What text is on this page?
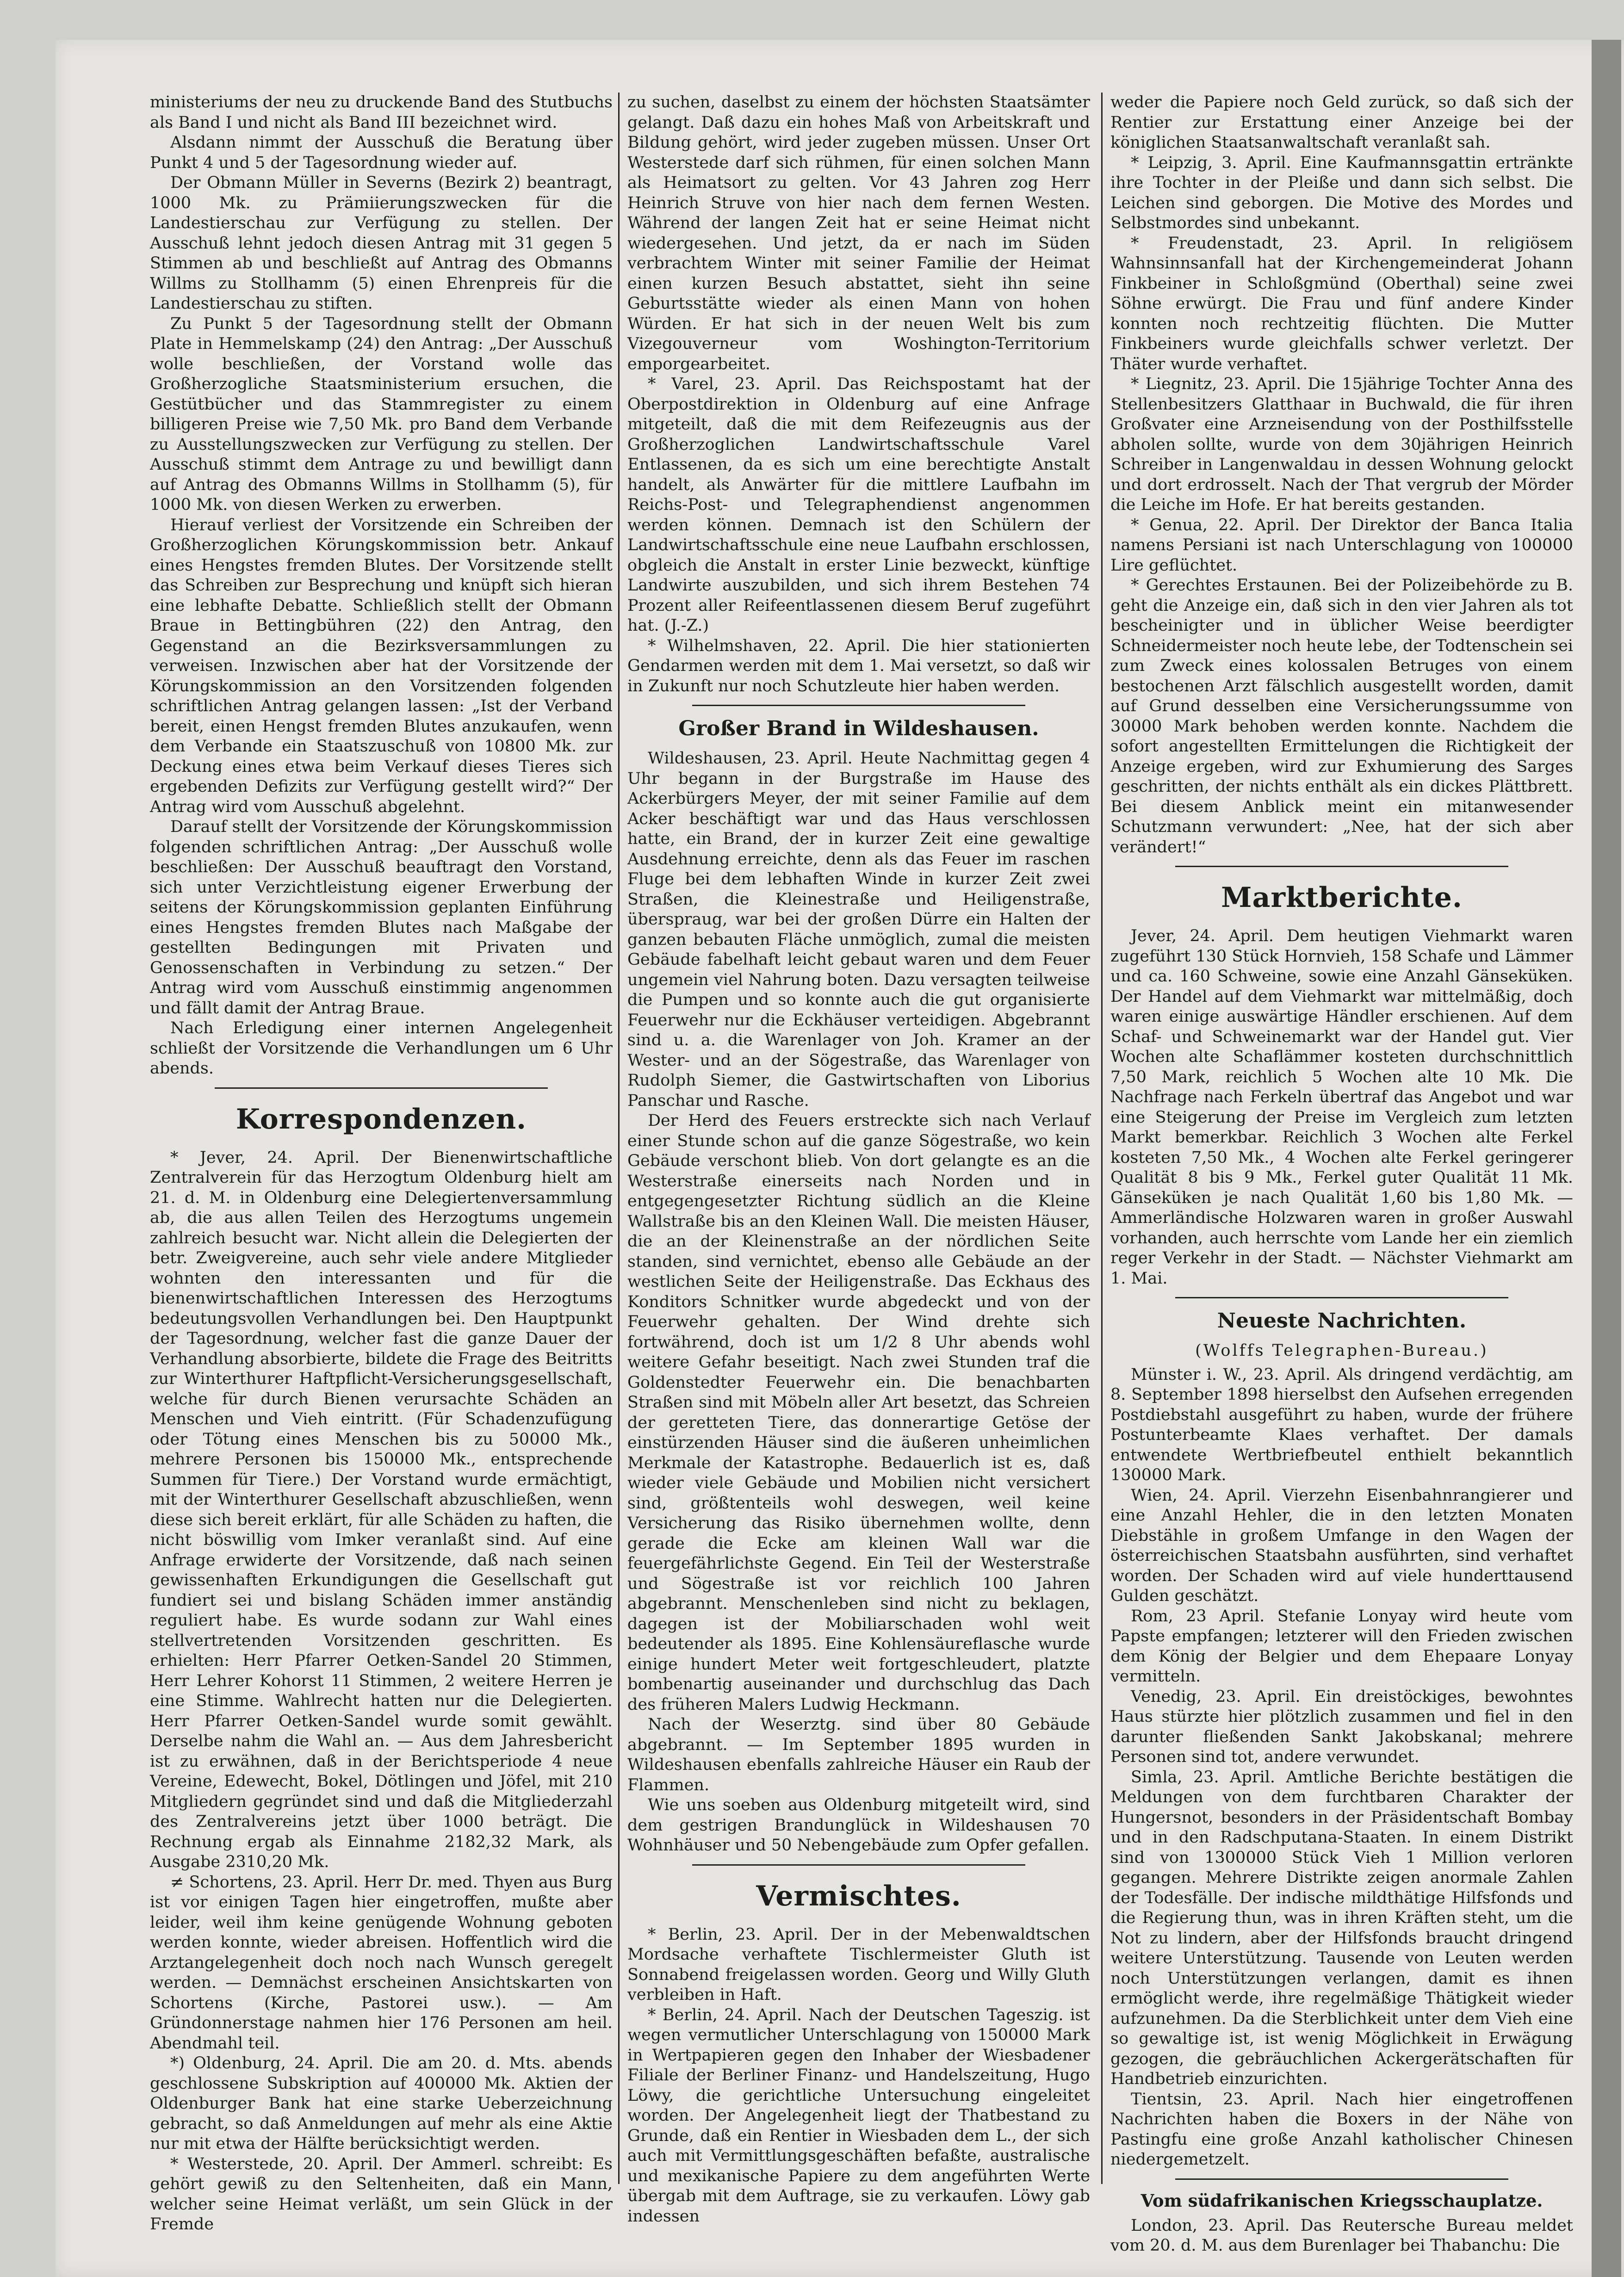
ministeriums der neu zu druckende Band des Stutbuchs als Band I und nicht als Band III bezeichnet wird.

Alsdann nimmt der Ausschuß die Beratung über Punkt 4 und 5 der Tagesordnung wieder auf.

Der Obmann Müller in Severns (Bezirk 2) beantragt, 1000 Mk. zu Prämiierungszwecken für die Landestierschau zur Verfügung zu stellen. Der Ausschuß lehnt jedoch diesen Antrag mit 31 gegen 5 Stimmen ab und beschließt auf Antrag des Obmanns Willms zu Stollhamm (5) einen Ehrenpreis für die Landestierschau zu stiften.

Zu Punkt 5 der Tagesordnung stellt der Obmann Plate in Hemmelskamp (24) den Antrag: „Der Ausschuß wolle beschließen, der Vorstand wolle das Großherzogliche Staatsministerium ersuchen, die Gestütbücher und das Stammregister zu einem billigeren Preise wie 7,50 Mk. pro Band dem Verbande zu Ausstellungszwecken zur Verfügung zu stellen. Der Ausschuß stimmt dem Antrage zu und bewilligt dann auf Antrag des Obmanns Willms in Stollhamm (5), für 1000 Mk. von diesen Werken zu erwerben.

Hierauf verliest der Vorsitzende ein Schreiben der Großherzoglichen Körungskommission betr. Ankauf eines Hengstes fremden Blutes. Der Vorsitzende stellt das Schreiben zur Besprechung und knüpft sich hieran eine lebhafte Debatte. Schließlich stellt der Obmann Braue in Bettingbühren (22) den Antrag, den Gegenstand an die Bezirksversammlungen zu verweisen. Inzwischen aber hat der Vorsitzende der Körungskommission an den Vorsitzenden folgenden schriftlichen Antrag gelangen lassen: „Ist der Verband bereit, einen Hengst fremden Blutes anzukaufen, wenn dem Verbande ein Staatszuschuß von 10800 Mk. zur Deckung eines etwa beim Verkauf dieses Tieres sich ergebenden Defizits zur Verfügung gestellt wird?“ Der Antrag wird vom Ausschuß abgelehnt.

Darauf stellt der Vorsitzende der Körungskommission folgenden schriftlichen Antrag: „Der Ausschuß wolle beschließen: Der Ausschuß beauftragt den Vorstand, sich unter Verzichtleistung eigener Erwerbung der seitens der Körungskommission geplanten Einführung eines Hengstes fremden Blutes nach Maßgabe der gestellten Bedingungen mit Privaten und Genossenschaften in Verbindung zu setzen.“ Der Antrag wird vom Ausschuß einstimmig angenommen und fällt damit der Antrag Braue.

Nach Erledigung einer internen Angelegenheit schließt der Vorsitzende die Verhandlungen um 6 Uhr abends.

Korrespondenzen.

* Jever, 24. April. Der Bienenwirtschaftliche Zentralverein für das Herzogtum Oldenburg hielt am 21. d. M. in Oldenburg eine Delegiertenversammlung ab, die aus allen Teilen des Herzogtums ungemein zahlreich besucht war. Nicht allein die Delegierten der betr. Zweigvereine, auch sehr viele andere Mitglieder wohnten den interessanten und für die bienenwirtschaftlichen Interessen des Herzogtums bedeutungsvollen Verhandlungen bei. Den Hauptpunkt der Tagesordnung, welcher fast die ganze Dauer der Verhandlung absorbierte, bildete die Frage des Beitritts zur Winterthurer Haftpflicht-Versicherungsgesellschaft, welche für durch Bienen verursachte Schäden an Menschen und Vieh eintritt. (Für Schadenzufügung oder Tötung eines Menschen bis zu 50000 Mk., mehrere Personen bis 150000 Mk., entsprechende Summen für Tiere.) Der Vorstand wurde ermächtigt, mit der Winterthurer Gesellschaft abzuschließen, wenn diese sich bereit erklärt, für alle Schäden zu haften, die nicht böswillig vom Imker veranlaßt sind. Auf eine Anfrage erwiderte der Vorsitzende, daß nach seinen gewissenhaften Erkundigungen die Gesellschaft gut fundiert sei und bislang Schäden immer anständig reguliert habe. Es wurde sodann zur Wahl eines stellvertretenden Vorsitzenden geschritten. Es erhielten: Herr Pfarrer Oetken-Sandel 20 Stimmen, Herr Lehrer Kohorst 11 Stimmen, 2 weitere Herren je eine Stimme. Wahlrecht hatten nur die Delegierten. Herr Pfarrer Oetken-Sandel wurde somit gewählt. Derselbe nahm die Wahl an. — Aus dem Jahresbericht ist zu erwähnen, daß in der Berichtsperiode 4 neue Vereine, Edewecht, Bokel, Dötlingen und Jöfel, mit 210 Mitgliedern gegründet sind und daß die Mitgliederzahl des Zentralvereins jetzt über 1000 beträgt. Die Rechnung ergab als Einnahme 2182,32 Mark, als Ausgabe 2310,20 Mk.

≠ Schortens, 23. April. Herr Dr. med. Thyen aus Burg ist vor einigen Tagen hier eingetroffen, mußte aber leider, weil ihm keine genügende Wohnung geboten werden konnte, wieder abreisen. Hoffentlich wird die Arztangelegenheit doch noch nach Wunsch geregelt werden. — Demnächst erscheinen Ansichtskarten von Schortens (Kirche, Pastorei usw.). — Am Gründonnerstage nahmen hier 176 Personen am heil. Abendmahl teil.

*) Oldenburg, 24. April. Die am 20. d. Mts. abends geschlossene Subskription auf 400000 Mk. Aktien der Oldenburger Bank hat eine starke Ueberzeichnung gebracht, so daß Anmeldungen auf mehr als eine Aktie nur mit etwa der Hälfte berücksichtigt werden.

* Westerstede, 20. April. Der Ammerl. schreibt: Es gehört gewiß zu den Seltenheiten, daß ein Mann, welcher seine Heimat verläßt, um sein Glück in der Fremde

zu suchen, daselbst zu einem der höchsten Staatsämter gelangt. Daß dazu ein hohes Maß von Arbeitskraft und Bildung gehört, wird jeder zugeben müssen. Unser Ort Westerstede darf sich rühmen, für einen solchen Mann als Heimatsort zu gelten. Vor 43 Jahren zog Herr Heinrich Struve von hier nach dem fernen Westen. Während der langen Zeit hat er seine Heimat nicht wiedergesehen. Und jetzt, da er nach im Süden verbrachtem Winter mit seiner Familie der Heimat einen kurzen Besuch abstattet, sieht ihn seine Geburtsstätte wieder als einen Mann von hohen Würden. Er hat sich in der neuen Welt bis zum Vizegouverneur vom Woshington-Territorium emporgearbeitet.

* Varel, 23. April. Das Reichspostamt hat der Oberpostdirektion in Oldenburg auf eine Anfrage mitgeteilt, daß die mit dem Reifezeugnis aus der Großherzoglichen Landwirtschaftsschule Varel Entlassenen, da es sich um eine berechtigte Anstalt handelt, als Anwärter für die mittlere Laufbahn im Reichs-Post- und Telegraphendienst angenommen werden können. Demnach ist den Schülern der Landwirtschaftsschule eine neue Laufbahn erschlossen, obgleich die Anstalt in erster Linie bezweckt, künftige Landwirte auszubilden, und sich ihrem Bestehen 74 Prozent aller Reifeentlassenen diesem Beruf zugeführt hat. (J.-Z.)

* Wilhelmshaven, 22. April. Die hier stationierten Gendarmen werden mit dem 1. Mai versetzt, so daß wir in Zukunft nur noch Schutzleute hier haben werden.

Großer Brand in Wildeshausen.

Wildeshausen, 23. April. Heute Nachmittag gegen 4 Uhr begann in der Burgstraße im Hause des Ackerbürgers Meyer, der mit seiner Familie auf dem Acker beschäftigt war und das Haus verschlossen hatte, ein Brand, der in kurzer Zeit eine gewaltige Ausdehnung erreichte, denn als das Feuer im raschen Fluge bei dem lebhaften Winde in kurzer Zeit zwei Straßen, die Kleinestraße und Heiligenstraße, überspraug, war bei der großen Dürre ein Halten der ganzen bebauten Fläche unmöglich, zumal die meisten Gebäude fabelhaft leicht gebaut waren und dem Feuer ungemein viel Nahrung boten. Dazu versagten teilweise die Pumpen und so konnte auch die gut organisierte Feuerwehr nur die Eckhäuser verteidigen. Abgebrannt sind u. a. die Warenlager von Joh. Kramer an der Wester- und an der Sögestraße, das Warenlager von Rudolph Siemer, die Gastwirtschaften von Liborius Panschar und Rasche.

Der Herd des Feuers erstreckte sich nach Verlauf einer Stunde schon auf die ganze Sögestraße, wo kein Gebäude verschont blieb. Von dort gelangte es an die Westerstraße einerseits nach Norden und in entgegengesetzter Richtung südlich an die Kleine Wallstraße bis an den Kleinen Wall. Die meisten Häuser, die an der Kleinenstraße an der nördlichen Seite standen, sind vernichtet, ebenso alle Gebäude an der westlichen Seite der Heiligenstraße. Das Eckhaus des Konditors Schnitker wurde abgedeckt und von der Feuerwehr gehalten. Der Wind drehte sich fortwährend, doch ist um 1/2 8 Uhr abends wohl weitere Gefahr beseitigt. Nach zwei Stunden traf die Goldenstedter Feuerwehr ein. Die benachbarten Straßen sind mit Möbeln aller Art besetzt, das Schreien der geretteten Tiere, das donnerartige Getöse der einstürzenden Häuser sind die äußeren unheimlichen Merkmale der Katastrophe. Bedauerlich ist es, daß wieder viele Gebäude und Mobilien nicht versichert sind, größtenteils wohl deswegen, weil keine Versicherung das Risiko übernehmen wollte, denn gerade die Ecke am kleinen Wall war die feuergefährlichste Gegend. Ein Teil der Westerstraße und Sögestraße ist vor reichlich 100 Jahren abgebrannt. Menschenleben sind nicht zu beklagen, dagegen ist der Mobiliarschaden wohl weit bedeutender als 1895. Eine Kohlensäureflasche wurde einige hundert Meter weit fortgeschleudert, platzte bombenartig auseinander und durchschlug das Dach des früheren Malers Ludwig Heckmann.

Nach der Weserztg. sind über 80 Gebäude abgebrannt. — Im September 1895 wurden in Wildeshausen ebenfalls zahlreiche Häuser ein Raub der Flammen.

Wie uns soeben aus Oldenburg mitgeteilt wird, sind dem gestrigen Brandunglück in Wildeshausen 70 Wohnhäuser und 50 Nebengebäude zum Opfer gefallen.

Vermischtes.

* Berlin, 23. April. Der in der Mebenwaldtschen Mordsache verhaftete Tischlermeister Gluth ist Sonnabend freigelassen worden. Georg und Willy Gluth verbleiben in Haft.

* Berlin, 24. April. Nach der Deutschen Tageszig. ist wegen vermutlicher Unterschlagung von 150000 Mark in Wertpapieren gegen den Inhaber der Wiesbadener Filiale der Berliner Finanz- und Handelszeitung, Hugo Löwy, die gerichtliche Untersuchung eingeleitet worden. Der Angelegenheit liegt der Thatbestand zu Grunde, daß ein Rentier in Wiesbaden dem L., der sich auch mit Vermittlungsgeschäften befaßte, australische und mexikanische Papiere zu dem angeführten Werte übergab mit dem Auftrage, sie zu verkaufen. Löwy gab indessen

weder die Papiere noch Geld zurück, so daß sich der Rentier zur Erstattung einer Anzeige bei der königlichen Staatsanwaltschaft veranlaßt sah.

* Leipzig, 3. April. Eine Kaufmannsgattin ertränkte ihre Tochter in der Pleiße und dann sich selbst. Die Leichen sind geborgen. Die Motive des Mordes und Selbstmordes sind unbekannt.

* Freudenstadt, 23. April. In religiösem Wahnsinnsanfall hat der Kirchengemeinderat Johann Finkbeiner in Schloßgmünd (Oberthal) seine zwei Söhne erwürgt. Die Frau und fünf andere Kinder konnten noch rechtzeitig flüchten. Die Mutter Finkbeiners wurde gleichfalls schwer verletzt. Der Thäter wurde verhaftet.

* Liegnitz, 23. April. Die 15jährige Tochter Anna des Stellenbesitzers Glatthaar in Buchwald, die für ihren Großvater eine Arzneisendung von der Posthilfsstelle abholen sollte, wurde von dem 30jährigen Heinrich Schreiber in Langenwaldau in dessen Wohnung gelockt und dort erdrosselt. Nach der That vergrub der Mörder die Leiche im Hofe. Er hat bereits gestanden.

* Genua, 22. April. Der Direktor der Banca Italia namens Persiani ist nach Unterschlagung von 100000 Lire geflüchtet.

* Gerechtes Erstaunen. Bei der Polizeibehörde zu B. geht die Anzeige ein, daß sich in den vier Jahren als tot bescheinigter und in üblicher Weise beerdigter Schneidermeister noch heute lebe, der Todtenschein sei zum Zweck eines kolossalen Betruges von einem bestochenen Arzt fälschlich ausgestellt worden, damit auf Grund desselben eine Versicherungssumme von 30000 Mark behoben werden konnte. Nachdem die sofort angestellten Ermittelungen die Richtigkeit der Anzeige ergeben, wird zur Exhumierung des Sarges geschritten, der nichts enthält als ein dickes Plättbrett. Bei diesem Anblick meint ein mitanwesender Schutzmann verwundert: „Nee, hat der sich aber verändert!“

Marktberichte.

Jever, 24. April. Dem heutigen Viehmarkt waren zugeführt 130 Stück Hornvieh, 158 Schafe und Lämmer und ca. 160 Schweine, sowie eine Anzahl Gänseküken. Der Handel auf dem Viehmarkt war mittelmäßig, doch waren einige auswärtige Händler erschienen. Auf dem Schaf- und Schweinemarkt war der Handel gut. Vier Wochen alte Schaflämmer kosteten durchschnittlich 7,50 Mark, reichlich 5 Wochen alte 10 Mk. Die Nachfrage nach Ferkeln übertraf das Angebot und war eine Steigerung der Preise im Vergleich zum letzten Markt bemerkbar. Reichlich 3 Wochen alte Ferkel kosteten 7,50 Mk., 4 Wochen alte Ferkel geringerer Qualität 8 bis 9 Mk., Ferkel guter Qualität 11 Mk. Gänseküken je nach Qualität 1,60 bis 1,80 Mk. — Ammerländische Holzwaren waren in großer Auswahl vorhanden, auch herrschte vom Lande her ein ziemlich reger Verkehr in der Stadt. — Nächster Viehmarkt am 1. Mai.

Neueste Nachrichten.

(Wolffs Telegraphen-Bureau.)

Münster i. W., 23. April. Als dringend verdächtig, am 8. September 1898 hierselbst den Aufsehen erregenden Postdiebstahl ausgeführt zu haben, wurde der frühere Postunterbeamte Klaes verhaftet. Der damals entwendete Wertbriefbeutel enthielt bekanntlich 130000 Mark.

Wien, 24. April. Vierzehn Eisenbahnrangierer und eine Anzahl Hehler, die in den letzten Monaten Diebstähle in großem Umfange in den Wagen der österreichischen Staatsbahn ausführten, sind verhaftet worden. Der Schaden wird auf viele hunderttausend Gulden geschätzt.

Rom, 23 April. Stefanie Lonyay wird heute vom Papste empfangen; letzterer will den Frieden zwischen dem König der Belgier und dem Ehepaare Lonyay vermitteln.

Venedig, 23. April. Ein dreistöckiges, bewohntes Haus stürzte hier plötzlich zusammen und fiel in den darunter fließenden Sankt Jakobskanal; mehrere Personen sind tot, andere verwundet.

Simla, 23. April. Amtliche Berichte bestätigen die Meldungen von dem furchtbaren Charakter der Hungersnot, besonders in der Präsidentschaft Bombay und in den Radschputana-Staaten. In einem Distrikt sind von 1300000 Stück Vieh 1 Million verloren gegangen. Mehrere Distrikte zeigen anormale Zahlen der Todesfälle. Der indische mildthätige Hilfsfonds und die Regierung thun, was in ihren Kräften steht, um die Not zu lindern, aber der Hilfsfonds braucht dringend weitere Unterstützung. Tausende von Leuten werden noch Unterstützungen verlangen, damit es ihnen ermöglicht werde, ihre regelmäßige Thätigkeit wieder aufzunehmen. Da die Sterblichkeit unter dem Vieh eine so gewaltige ist, ist wenig Möglichkeit in Erwägung gezogen, die gebräuchlichen Ackergerätschaften für Handbetrieb einzurichten.

Tientsin, 23. April. Nach hier eingetroffenen Nachrichten haben die Boxers in der Nähe von Pastingfu eine große Anzahl katholischer Chinesen niedergemetzelt.

Vom südafrikanischen Kriegsschauplatze.

London, 23. April. Das Reutersche Bureau meldet vom 20. d. M. aus dem Burenlager bei Thabanchu: Die
